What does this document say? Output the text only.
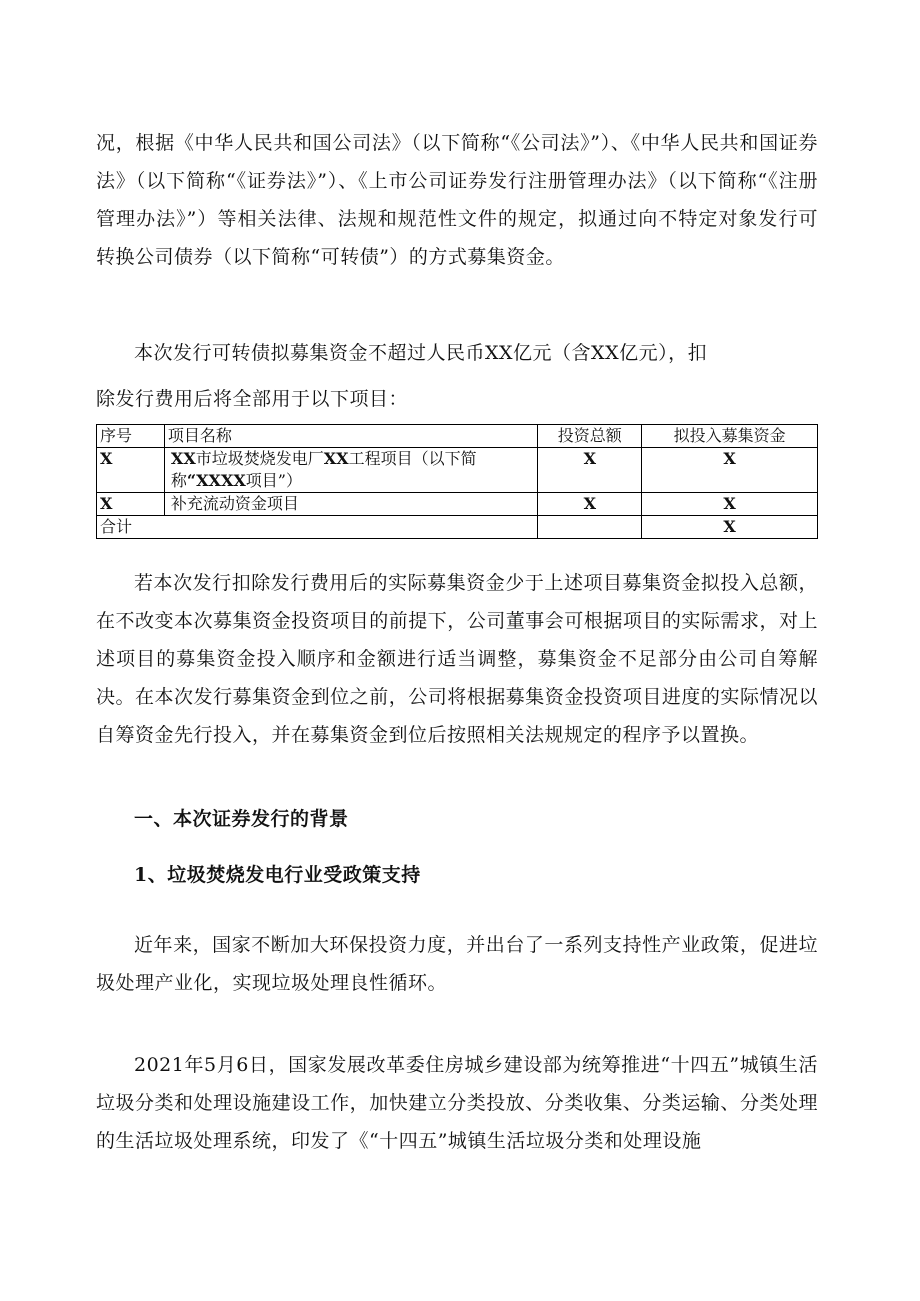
况，根据《中华人民共和国公司法》（以下简称“《公司法》”）、《中华人民共和国证券法》（以下简称“《证券法》”）、《上市公司证券发行注册管理办法》（以下简称“《注册管理办法》”）等相关法律、法规和规范性文件的规定，拟通过向不特定对象发行可转换公司债券（以下简称“可转债”）的方式募集资金。

本次发行可转债拟募集资金不超过人民币XX亿元（含XX亿元），扣

除发行费用后将全部用于以下项目：

序号	项目名称	投资总额	拟投入募集资金
X	XX市垃圾焚烧发电厂XX工程项目（以下简称“XXXX项目”）	X	X
X	补充流动资金项目	X	X
合计			X

若本次发行扣除发行费用后的实际募集资金少于上述项目募集资金拟投入总额，在不改变本次募集资金投资项目的前提下，公司董事会可根据项目的实际需求，对上述项目的募集资金投入顺序和金额进行适当调整，募集资金不足部分由公司自筹解决。在本次发行募集资金到位之前，公司将根据募集资金投资项目进度的实际情况以自筹资金先行投入，并在募集资金到位后按照相关法规规定的程序予以置换。

一、本次证券发行的背景

1、垃圾焚烧发电行业受政策支持

近年来，国家不断加大环保投资力度，并出台了一系列支持性产业政策，促进垃圾处理产业化，实现垃圾处理良性循环。

2021年5月6日，国家发展改革委住房城乡建设部为统筹推进“十四五”城镇生活垃圾分类和处理设施建设工作，加快建立分类投放、分类收集、分类运输、分类处理的生活垃圾处理系统，印发了《“十四五”城镇生活垃圾分类和处理设施
